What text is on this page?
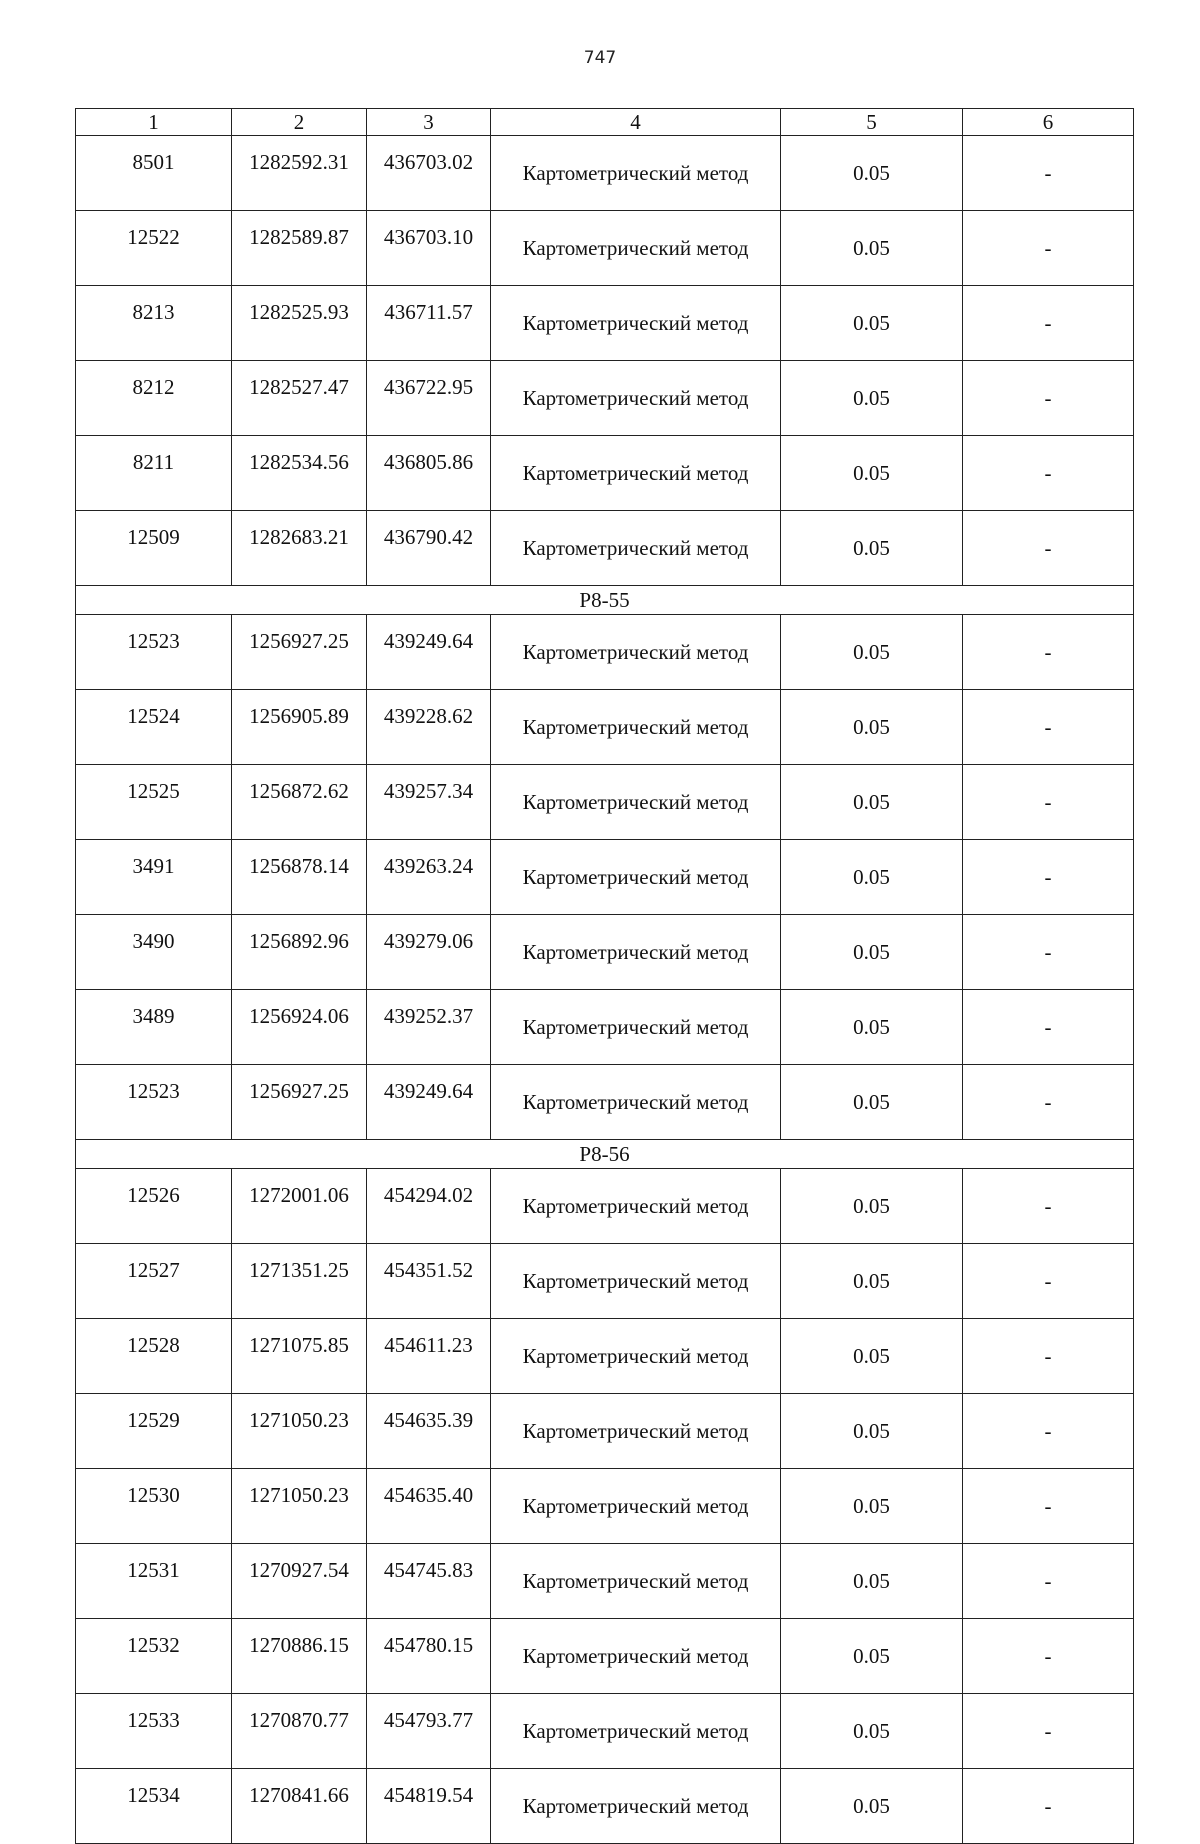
747
1	2	3	4	5	6
8501	1282592.31	436703.02	Картометрический метод	0.05	-
12522	1282589.87	436703.10	Картометрический метод	0.05	-
8213	1282525.93	436711.57	Картометрический метод	0.05	-
8212	1282527.47	436722.95	Картометрический метод	0.05	-
8211	1282534.56	436805.86	Картометрический метод	0.05	-
12509	1282683.21	436790.42	Картометрический метод	0.05	-
Р8-55					
12523	1256927.25	439249.64	Картометрический метод	0.05	-
12524	1256905.89	439228.62	Картометрический метод	0.05	-
12525	1256872.62	439257.34	Картометрический метод	0.05	-
3491	1256878.14	439263.24	Картометрический метод	0.05	-
3490	1256892.96	439279.06	Картометрический метод	0.05	-
3489	1256924.06	439252.37	Картометрический метод	0.05	-
12523	1256927.25	439249.64	Картометрический метод	0.05	-
Р8-56					
12526	1272001.06	454294.02	Картометрический метод	0.05	-
12527	1271351.25	454351.52	Картометрический метод	0.05	-
12528	1271075.85	454611.23	Картометрический метод	0.05	-
12529	1271050.23	454635.39	Картометрический метод	0.05	-
12530	1271050.23	454635.40	Картометрический метод	0.05	-
12531	1270927.54	454745.83	Картометрический метод	0.05	-
12532	1270886.15	454780.15	Картометрический метод	0.05	-
12533	1270870.77	454793.77	Картометрический метод	0.05	-
12534	1270841.66	454819.54	Картометрический метод	0.05	-
